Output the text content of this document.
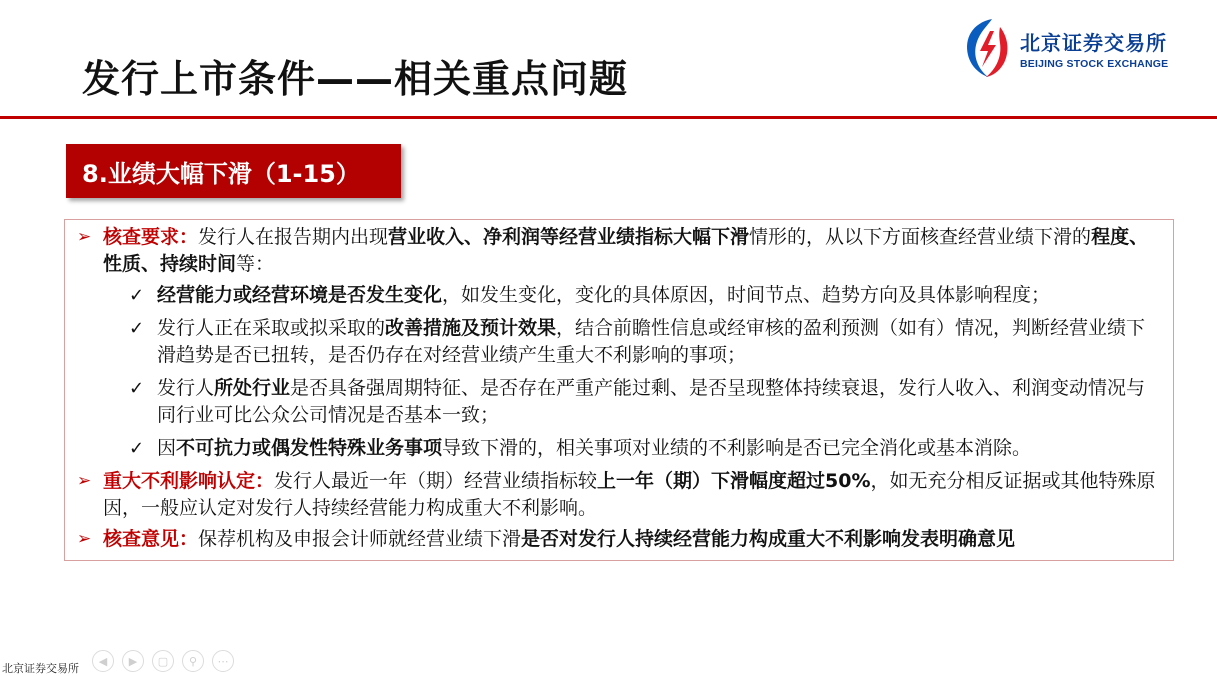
发行上市条件——相关重点问题
北京证券交易所
BEIJING STOCK EXCHANGE
8.业绩大幅下滑（1-15）
➢ 核查要求：发行人在报告期内出现营业收入、净利润等经营业绩指标大幅下滑情形的，从以下方面核查经营业绩下滑的程度、性质、持续时间等：
✓ 经营能力或经营环境是否发生变化，如发生变化，变化的具体原因，时间节点、趋势方向及具体影响程度；
✓ 发行人正在采取或拟采取的改善措施及预计效果，结合前瞻性信息或经审核的盈利预测（如有）情况，判断经营业绩下滑趋势是否已扭转，是否仍存在对经营业绩产生重大不利影响的事项；
✓ 发行人所处行业是否具备强周期特征、是否存在严重产能过剩、是否呈现整体持续衰退，发行人收入、利润变动情况与同行业可比公众公司情况是否基本一致；
✓ 因不可抗力或偶发性特殊业务事项导致下滑的，相关事项对业绩的不利影响是否已完全消化或基本消除。
➢ 重大不利影响认定：发行人最近一年（期）经营业绩指标较上一年（期）下滑幅度超过50%，如无充分相反证据或其他特殊原因，一般应认定对发行人持续经营能力构成重大不利影响。
➢ 核查意见：保荐机构及申报会计师就经营业绩下滑是否对发行人持续经营能力构成重大不利影响发表明确意见
北京证券交易所
◀	▶	▢	⚲	⋯
